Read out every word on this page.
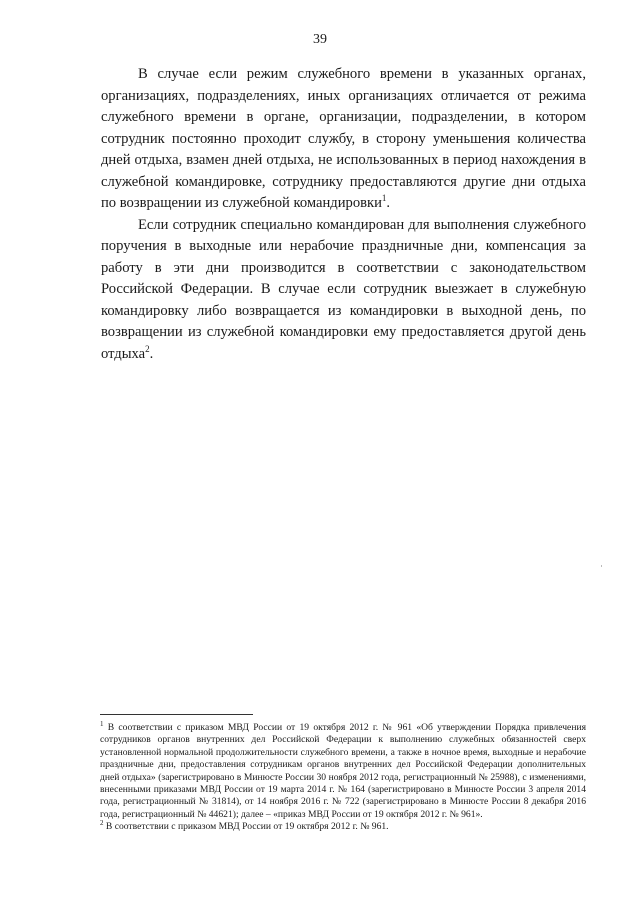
39

В случае если режим служебного времени в указанных органах, организациях, подразделениях, иных организациях отличается от режима служебного времени в органе, организации, подразделении, в котором сотрудник постоянно проходит службу, в сторону уменьшения количества дней отдыха, взамен дней отдыха, не использованных в период нахождения в служебной командировке, сотруднику предоставляются другие дни отдыха по возвращении из служебной командировки$^1$.

Если сотрудник специально командирован для выполнения служебного поручения в выходные или нерабочие праздничные дни, компенсация за работу в эти дни производится в соответствии с законодательством Российской Федерации. В случае если сотрудник выезжает в служебную командировку либо возвращается из командировки в выходной день, по возвращении из служебной командировки ему предоставляется другой день отдыха$^2$.

$^1$ В соответствии с приказом МВД России от 19 октября 2012 г. № 961 «Об утверждении Порядка привлечения сотрудников органов внутренних дел Российской Федерации к выполнению служебных обязанностей сверх установленной нормальной продолжительности служебного времени, а также в ночное время, выходные и нерабочие праздничные дни, предоставления сотрудникам органов внутренних дел Российской Федерации дополнительных дней отдыха» (зарегистрировано в Минюсте России 30 ноября 2012 года, регистрационный № 25988), с изменениями, внесенными приказами МВД России от 19 марта 2014 г. № 164 (зарегистрировано в Минюсте России 3 апреля 2014 года, регистрационный № 31814), от 14 ноября 2016 г. № 722 (зарегистрировано в Минюсте России 8 декабря 2016 года, регистрационный № 44621); далее – «приказ МВД России от 19 октября 2012 г. № 961».

$^2$ В соответствии с приказом МВД России от 19 октября 2012 г. № 961.
